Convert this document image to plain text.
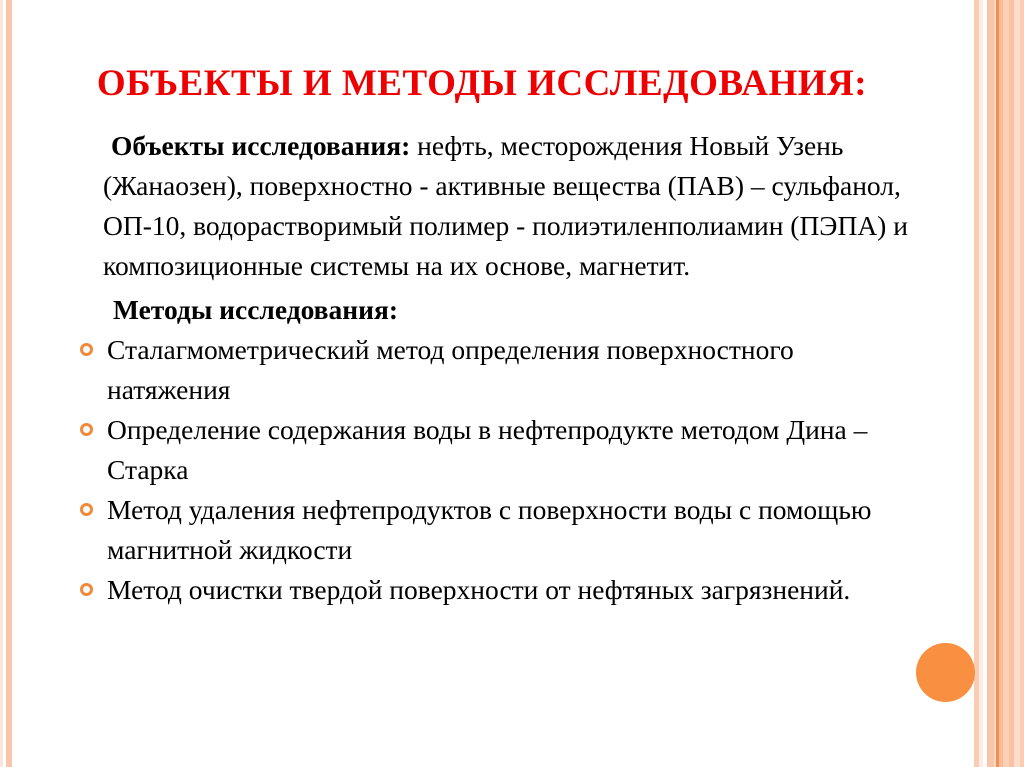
ОБЪЕКТЫ И МЕТОДЫ ИССЛЕДОВАНИЯ:

Объекты исследования: нефть, месторождения Новый Узень (Жанаозен), поверхностно - активные вещества (ПАВ) – сульфанол, ОП-10, водорастворимый полимер - полиэтиленполиамин (ПЭПА) и композиционные системы на их основе, магнетит.

Методы исследования:
Сталагмометрический метод определения поверхностного натяжения
Определение содержания воды в нефтепродукте методом Дина – Старка
Метод удаления нефтепродуктов с поверхности воды с помощью магнитной жидкости
Метод очистки твердой поверхности от нефтяных загрязнений.
